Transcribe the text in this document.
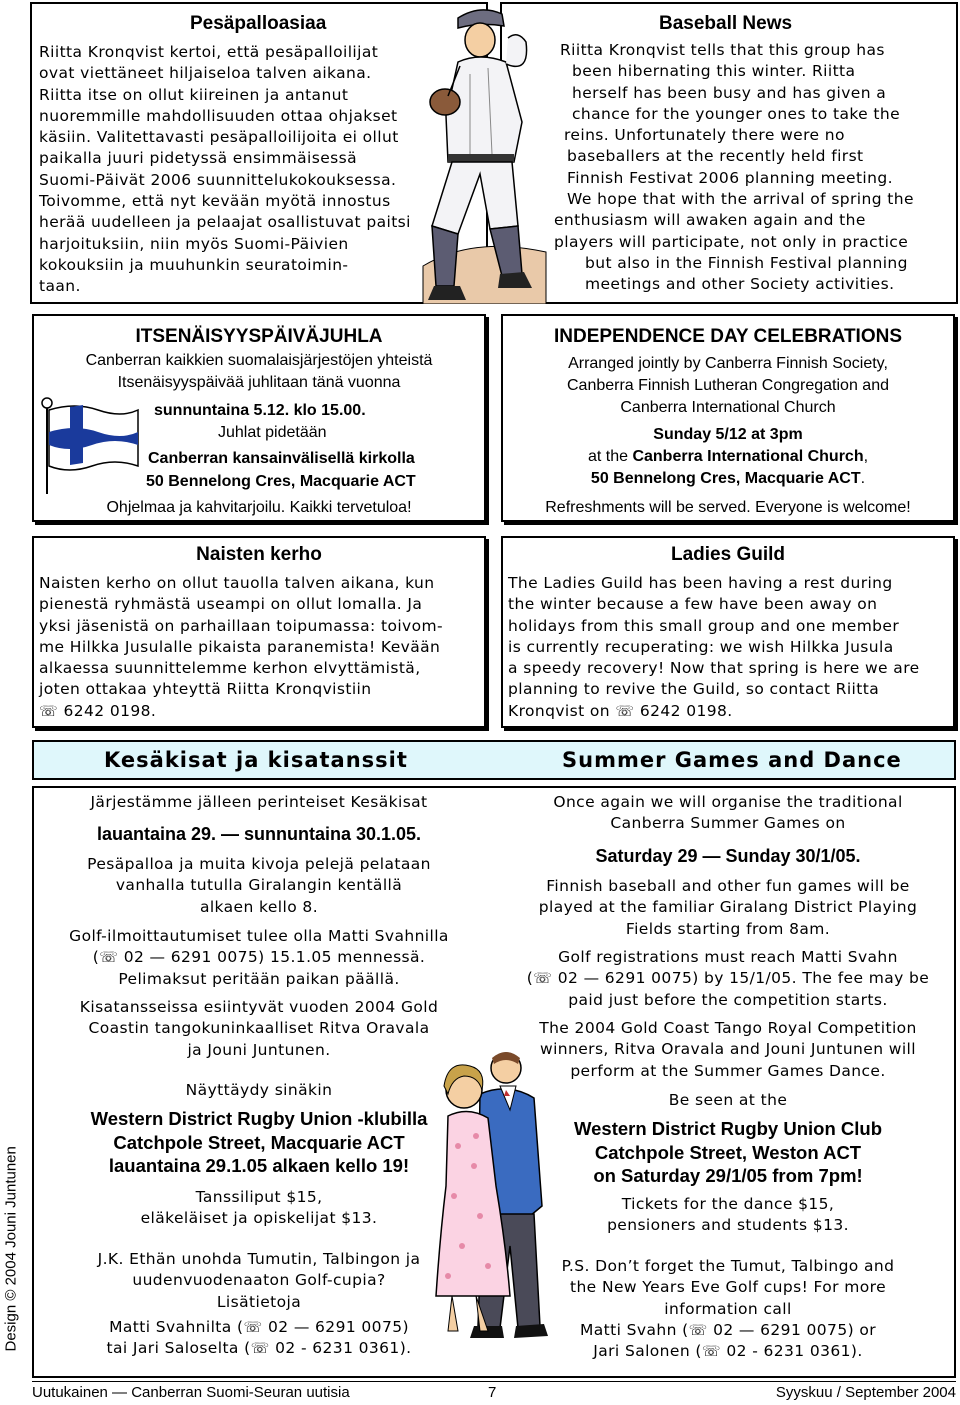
Pesäpalloasiaa
Riitta Kronqvist kertoi, että pesäpalloilijat
ovat viettäneet hiljaiseloa talven aikana.
Riitta itse on ollut kiireinen ja antanut
nuoremmille mahdollisuuden ottaa ohjakset
käsiin. Valitettavasti pesäpalloilijoita ei ollut
paikalla juuri pidetyssä ensimmäisessä
Suomi-Päivät 2006 suunnittelukokouksessa.
Toivomme, että nyt kevään myötä innostus
herää uudelleen ja pelaajat osallistuvat paitsi
harjoituksiin, niin myös Suomi-Päivien
kokouksiin ja muuhunkin seuratoimin-
taan.
Baseball News
Riitta Kronqvist tells that this group has
been hibernating this winter. Riitta
herself has been busy and has given a
chance for the younger ones to take the
reins. Unfortunately there were no
baseballers at the recently held first
Finnish Festivat 2006 planning meeting.
We hope that with the arrival of spring the
enthusiasm will awaken again and the
players will participate, not only in practice
but also in the Finnish Festival planning
meetings and other Society activities.
ITSENÄISYYSPÄIVÄJUHLA
Canberran kaikkien suomalaisjärjestöjen yhteistä
Itsenäisyyspäivää juhlitaan tänä vuonna
sunnuntaina 5.12. klo 15.00.
Juhlat pidetään
Canberran kansainvälisellä kirkolla
50 Bennelong Cres, Macquarie ACT
Ohjelmaa ja kahvitarjoilu. Kaikki tervetuloa!
INDEPENDENCE DAY CELEBRATIONS
Arranged jointly by Canberra Finnish Society,
Canberra Finnish Lutheran Congregation and
Canberra International Church
Sunday 5/12 at 3pm
at the Canberra International Church,
50 Bennelong Cres, Macquarie ACT.
Refreshments will be served. Everyone is welcome!
Naisten kerho
Naisten kerho on ollut tauolla talven aikana, kun
pienestä ryhmästä useampi on ollut lomalla. Ja
yksi jäsenistä on parhaillaan toipumassa: toivom-
me Hilkka Jusulalle pikaista paranemista! Kevään
alkaessa suunnittelemme kerhon elvyttämistä,
joten ottakaa yhteyttä Riitta Kronqvistiin
☏ 6242 0198.
Ladies Guild
The Ladies Guild has been having a rest during
the winter because a few have been away on
holidays from this small group and one member
is currently recuperating: we wish Hilkka Jusula
a speedy recovery! Now that spring is here we are
planning to revive the Guild, so contact Riitta
Kronqvist on ☏ 6242 0198.
Kesäkisat ja kisatanssit	Summer Games and Dance
Järjestämme jälleen perinteiset Kesäkisat
lauantaina 29. — sunnuntaina 30.1.05.
Pesäpalloa ja muita kivoja pelejä pelataan
vanhalla tutulla Giralangin kentällä
alkaen kello 8.
Golf-ilmoittautumiset tulee olla Matti Svahnilla
(☏ 02 — 6291 0075) 15.1.05 mennessä.
Pelimaksut peritään paikan päällä.
Kisatansseissa esiintyvät vuoden 2004 Gold
Coastin tangokuninkaalliset Ritva Oravala
ja Jouni Juntunen.
Näyttäydy sinäkin
Western District Rugby Union -klubilla
Catchpole Street, Macquarie ACT
lauantaina 29.1.05 alkaen kello 19!
Tanssiliput $15,
eläkeläiset ja opiskelijat $13.
J.K. Ethän unohda Tumutin, Talbingon ja
uudenvuodenaaton Golf-cupia?
Lisätietoja
Matti Svahnilta (☏ 02 — 6291 0075)
tai Jari Saloselta (☏ 02 - 6231 0361).
Once again we will organise the traditional
Canberra Summer Games on
Saturday 29 — Sunday 30/1/05.
Finnish baseball and other fun games will be
played at the familiar Giralang District Playing
Fields starting from 8am.
Golf registrations must reach Matti Svahn
(☏ 02 — 6291 0075) by 15/1/05. The fee may be
paid just before the competition starts.
The 2004 Gold Coast Tango Royal Competition
winners, Ritva Oravala and Jouni Juntunen will
perform at the Summer Games Dance.
Be seen at the
Western District Rugby Union Club
Catchpole Street, Weston ACT
on Saturday 29/1/05 from 7pm!
Tickets for the dance $15,
pensioners and students $13.
P.S. Don’t forget the Tumut, Talbingo and
the New Years Eve Golf cups! For more
information call
Matti Svahn (☏ 02 — 6291 0075) or
Jari Salonen (☏ 02 - 6231 0361).
Design © 2004 Jouni Juntunen
Uutukainen — Canberran Suomi-Seuran uutisia	7	Syyskuu / September 2004
